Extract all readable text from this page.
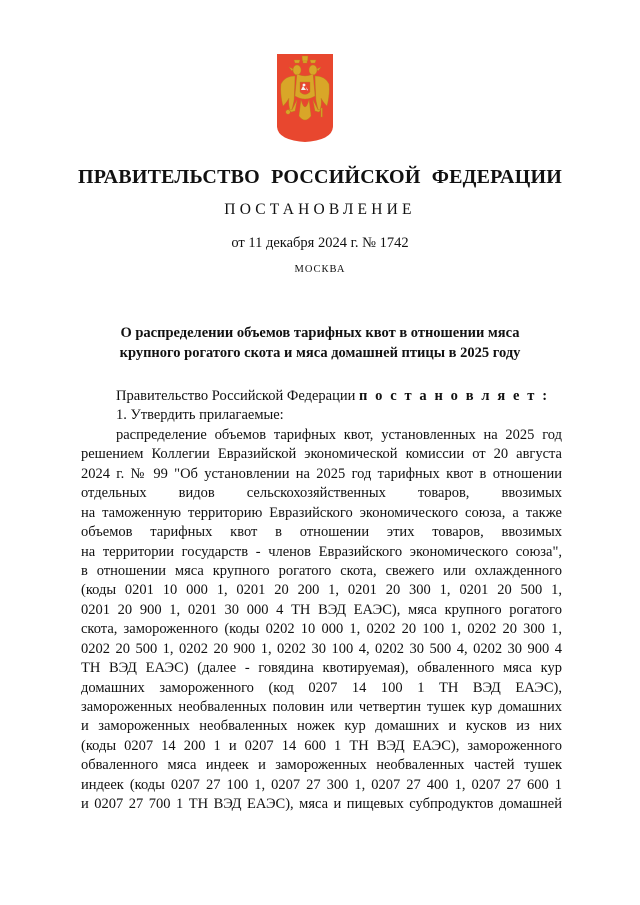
ПРАВИТЕЛЬСТВО РОССИЙСКОЙ ФЕДЕРАЦИИ
ПОСТАНОВЛЕНИЕ
от 11 декабря 2024 г. № 1742
МОСКВА
О распределении объемов тарифных квот в отношении мяса
крупного рогатого скота и мяса домашней птицы в 2025 году
Правительство Российской Федерации п о с т а н о в л я е т :
1. Утвердить прилагаемые:
распределение объемов тарифных квот, установленных на 2025 год
решением Коллегии Евразийской экономической комиссии от 20 августа
2024 г. № 99 "Об установлении на 2025 год тарифных квот в отношении
отдельных видов сельскохозяйственных товаров, ввозимых
на таможенную территорию Евразийского экономического союза, а также
объемов тарифных квот в отношении этих товаров, ввозимых
на территории государств - членов Евразийского экономического союза",
в отношении мяса крупного рогатого скота, свежего или охлажденного
(коды 0201 10 000 1, 0201 20 200 1, 0201 20 300 1, 0201 20 500 1,
0201 20 900 1, 0201 30 000 4 ТН ВЭД ЕАЭС), мяса крупного рогатого
скота, замороженного (коды 0202 10 000 1, 0202 20 100 1, 0202 20 300 1,
0202 20 500 1, 0202 20 900 1, 0202 30 100 4, 0202 30 500 4, 0202 30 900 4
ТН ВЭД ЕАЭС) (далее - говядина квотируемая), обваленного мяса кур
домашних замороженного (код 0207 14 100 1 ТН ВЭД ЕАЭС),
замороженных необваленных половин или четвертин тушек кур домашних
и замороженных необваленных ножек кур домашних и кусков из них
(коды 0207 14 200 1 и 0207 14 600 1 ТН ВЭД ЕАЭС), замороженного
обваленного мяса индеек и замороженных необваленных частей тушек
индеек (коды 0207 27 100 1, 0207 27 300 1, 0207 27 400 1, 0207 27 600 1
и 0207 27 700 1 ТН ВЭД ЕАЭС), мяса и пищевых субпродуктов домашней
